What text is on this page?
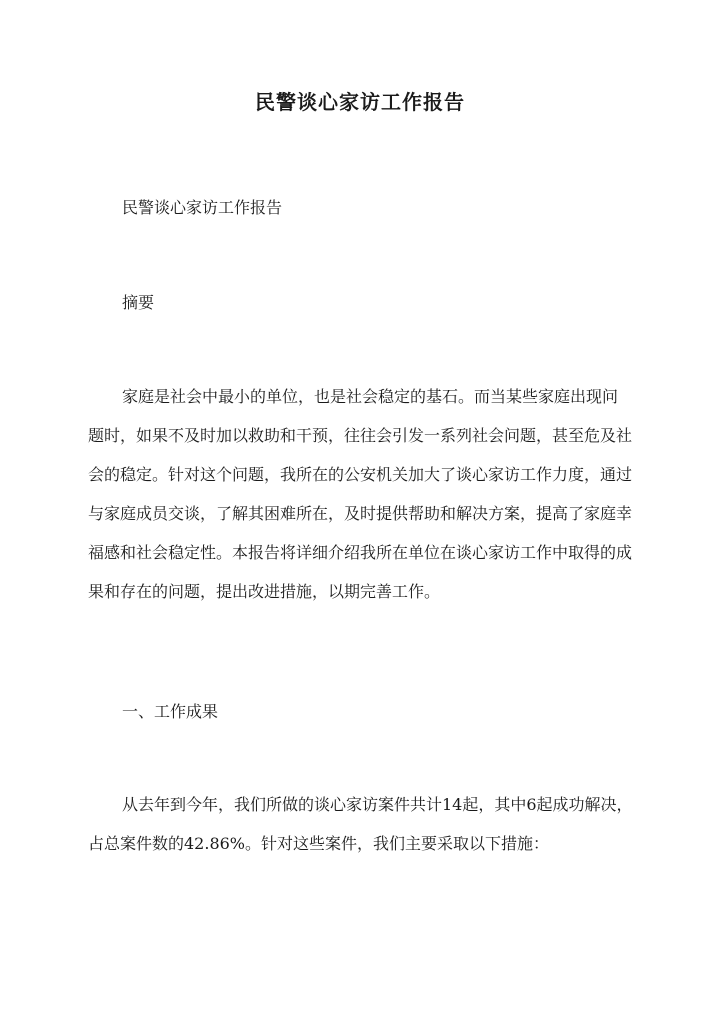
民警谈心家访工作报告

民警谈心家访工作报告

摘要

家庭是社会中最小的单位，也是社会稳定的基石。而当某些家庭出现问题时，如果不及时加以救助和干预，往往会引发一系列社会问题，甚至危及社会的稳定。针对这个问题，我所在的公安机关加大了谈心家访工作力度，通过与家庭成员交谈，了解其困难所在，及时提供帮助和解决方案，提高了家庭幸福感和社会稳定性。本报告将详细介绍我所在单位在谈心家访工作中取得的成果和存在的问题，提出改进措施，以期完善工作。

一、工作成果

从去年到今年，我们所做的谈心家访案件共计14起，其中6起成功解决，占总案件数的42.86%。针对这些案件，我们主要采取以下措施：
